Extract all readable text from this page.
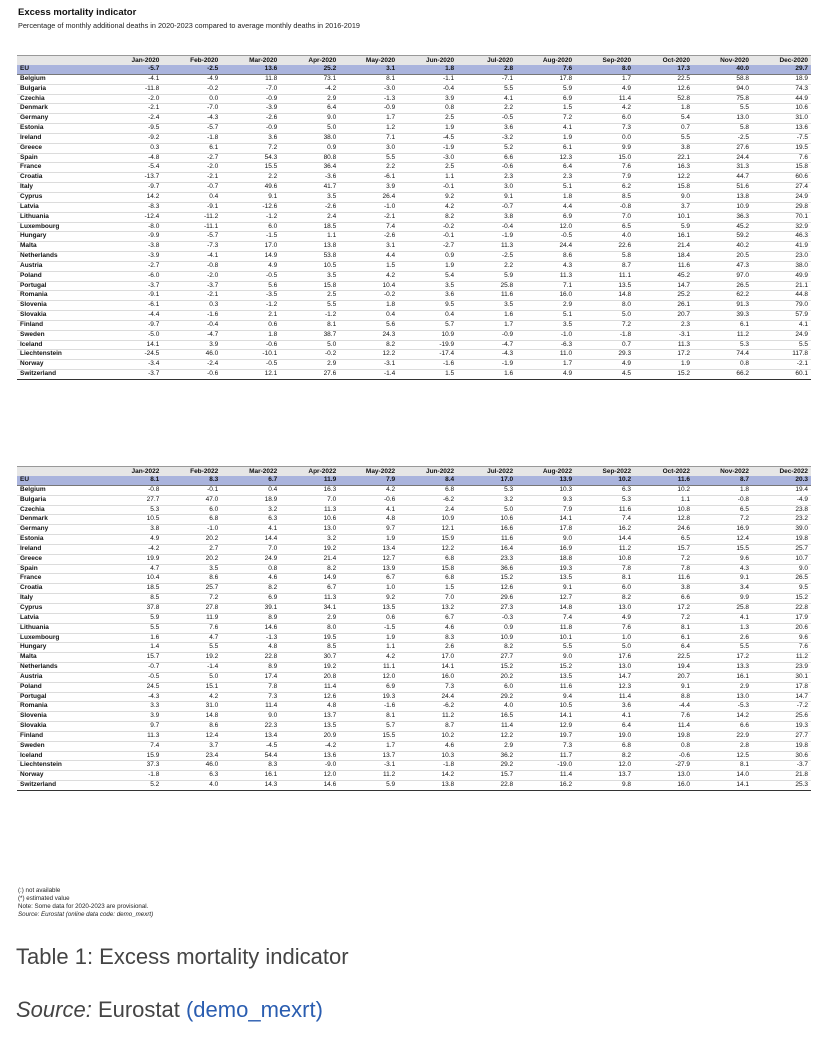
Excess mortality indicator
Percentage of monthly additional deaths in 2020-2023 compared to average monthly deaths in 2016-2019
	Jan-2020	Feb-2020	Mar-2020	Apr-2020	May-2020	Jun-2020	Jul-2020	Aug-2020	Sep-2020	Oct-2020	Nov-2020	Dec-2020
EU	-5.7	-2.5	13.6	25.2	3.1	1.8	2.8	7.6	8.0	17.3	40.0	29.7
Belgium	-4.1	-4.9	11.8	73.1	8.1	-1.1	-7.1	17.8	1.7	22.5	58.8	18.9
Bulgaria	-11.8	-0.2	-7.0	-4.2	-3.0	-0.4	5.5	5.9	4.9	12.6	94.0	74.3
Czechia	-2.0	0.0	-0.9	2.9	-1.3	3.9	4.1	6.9	11.4	52.8	75.8	44.9
Denmark	-2.1	-7.0	-3.9	6.4	-0.9	0.8	2.2	1.5	4.2	1.8	5.5	10.6
Germany	-2.4	-4.3	-2.6	9.0	1.7	2.5	-0.5	7.2	6.0	5.4	13.0	31.0
Estonia	-9.5	-5.7	-0.9	5.0	1.2	1.9	3.6	4.1	7.3	0.7	5.8	13.6
Ireland	-9.2	-1.8	3.6	38.0	7.1	-4.5	-3.2	1.9	0.0	5.5	-2.5	-7.5
Greece	0.3	6.1	7.2	0.9	3.0	-1.9	5.2	6.1	9.9	3.8	27.6	19.5
Spain	-4.8	-2.7	54.3	80.8	5.5	-3.0	6.6	12.3	15.0	22.1	24.4	7.6
France	-5.4	-2.0	15.5	36.4	2.2	2.5	-0.6	6.4	7.6	16.3	31.3	15.8
Croatia	-13.7	-2.1	2.2	-3.6	-6.1	1.1	2.3	2.3	7.9	12.2	44.7	60.6
Italy	-9.7	-0.7	49.6	41.7	3.9	-0.1	3.0	5.1	6.2	15.8	51.6	27.4
Cyprus	14.2	0.4	9.1	3.5	26.4	9.2	9.1	1.8	8.5	9.0	13.8	24.9
Latvia	-8.3	-9.1	-12.6	-2.6	-1.0	4.2	-0.7	4.4	-0.8	3.7	10.9	29.8
Lithuania	-12.4	-11.2	-1.2	2.4	-2.1	8.2	3.8	6.9	7.0	10.1	36.3	70.1
Luxembourg	-8.0	-11.1	6.0	18.5	7.4	-0.2	-0.4	12.0	6.5	5.9	45.2	32.9
Hungary	-9.9	-5.7	-1.5	1.1	-2.6	-0.1	-1.9	-0.5	4.0	16.1	59.2	46.3
Malta	-3.8	-7.3	17.0	13.8	3.1	-2.7	11.3	24.4	22.6	21.4	40.2	41.9
Netherlands	-3.9	-4.1	14.9	53.8	4.4	0.9	-2.5	8.6	5.8	18.4	20.5	23.0
Austria	-2.7	-0.8	4.9	10.5	1.5	1.9	2.2	4.3	8.7	11.6	47.3	38.0
Poland	-6.0	-2.0	-0.5	3.5	4.2	5.4	5.9	11.3	11.1	45.2	97.0	49.9
Portugal	-3.7	-3.7	5.6	15.8	10.4	3.5	25.8	7.1	13.5	14.7	26.5	21.1
Romania	-9.1	-2.1	-3.5	2.5	-0.2	3.6	11.6	16.0	14.8	25.2	62.2	44.8
Slovenia	-6.1	0.3	-1.2	5.5	1.8	9.5	3.5	2.9	8.0	26.1	91.3	79.0
Slovakia	-4.4	-1.6	2.1	-1.2	0.4	0.4	1.6	5.1	5.0	20.7	39.3	57.9
Finland	-9.7	-0.4	0.6	8.1	5.6	5.7	1.7	3.5	7.2	2.3	6.1	4.1
Sweden	-5.0	-4.7	1.8	38.7	24.3	10.9	-0.9	-1.0	-1.8	-3.1	11.2	24.9
Iceland	14.1	3.9	-0.6	5.0	8.2	-19.9	-4.7	-6.3	0.7	11.3	5.3	5.5
Liechtenstein	-24.5	46.0	-10.1	-0.2	12.2	-17.4	-4.3	11.0	29.3	17.2	74.4	117.8
Norway	-3.4	-2.4	-0.5	2.9	-3.1	-1.6	-1.9	1.7	4.9	1.9	0.8	-2.1
Switzerland	-3.7	-0.6	12.1	27.6	-1.4	1.5	1.6	4.9	4.5	15.2	66.2	60.1
	Jan-2022	Feb-2022	Mar-2022	Apr-2022	May-2022	Jun-2022	Jul-2022	Aug-2022	Sep-2022	Oct-2022	Nov-2022	Dec-2022
EU	8.1	8.3	6.7	11.9	7.9	8.4	17.0	13.9	10.2	11.6	8.7	20.3
Belgium	-0.8	-0.1	0.4	16.3	4.2	6.8	5.3	10.3	6.3	10.2	1.8	19.4
Bulgaria	27.7	47.0	18.9	7.0	-0.6	-6.2	3.2	9.3	5.3	1.1	-0.8	-4.9
Czechia	5.3	6.0	3.2	11.3	4.1	2.4	5.0	7.9	11.6	10.8	6.5	23.8
Denmark	10.5	6.8	6.3	10.6	4.8	10.9	10.6	14.1	7.4	12.8	7.2	23.2
Germany	3.8	-1.0	4.1	13.0	9.7	12.1	16.6	17.8	16.2	24.6	16.9	39.0
Estonia	4.9	20.2	14.4	3.2	1.9	15.9	11.6	9.0	14.4	6.5	12.4	19.8
Ireland	-4.2	2.7	7.0	19.2	13.4	12.2	16.4	16.9	11.2	15.7	15.5	25.7
Greece	19.9	20.2	24.9	21.4	12.7	6.8	23.3	18.8	10.8	7.2	9.6	10.7
Spain	4.7	3.5	0.8	8.2	13.9	15.8	36.6	19.3	7.8	7.8	4.3	9.0
France	10.4	8.6	4.6	14.9	6.7	6.8	15.2	13.5	8.1	11.6	9.1	26.5
Croatia	18.5	25.7	8.2	6.7	1.0	1.5	12.6	9.1	6.0	3.8	3.4	9.5
Italy	8.5	7.2	6.9	11.3	9.2	7.0	29.6	12.7	8.2	6.6	9.9	15.2
Cyprus	37.8	27.8	39.1	34.1	13.5	13.2	27.3	14.8	13.0	17.2	25.8	22.8
Latvia	5.9	11.9	8.9	2.9	0.6	6.7	-0.3	7.4	4.9	7.2	4.1	17.9
Lithuania	5.5	7.6	14.6	8.0	-1.5	4.6	0.9	11.8	7.6	8.1	1.3	20.6
Luxembourg	1.6	4.7	-1.3	19.5	1.9	8.3	10.9	10.1	1.0	6.1	2.6	9.6
Hungary	1.4	5.5	4.8	8.5	1.1	2.6	8.2	5.5	5.0	6.4	5.5	7.6
Malta	15.7	19.2	22.8	30.7	4.2	17.0	27.7	9.0	17.6	22.5	17.2	11.2
Netherlands	-0.7	-1.4	8.9	19.2	11.1	14.1	15.2	15.2	13.0	19.4	13.3	23.9
Austria	-0.5	5.0	17.4	20.8	12.0	16.0	20.2	13.5	14.7	20.7	16.1	30.1
Poland	24.5	15.1	7.8	11.4	6.9	7.3	6.0	11.6	12.3	9.1	2.9	17.8
Portugal	-4.3	4.2	7.3	12.6	19.3	24.4	29.2	9.4	11.4	8.8	13.0	14.7
Romania	3.3	31.0	11.4	4.8	-1.6	-6.2	4.0	10.5	3.6	-4.4	-5.3	-7.2
Slovenia	3.9	14.8	9.0	13.7	8.1	11.2	16.5	14.1	4.1	7.6	14.2	25.6
Slovakia	9.7	8.6	22.3	13.5	5.7	8.7	11.4	12.9	6.4	11.4	6.6	19.3
Finland	11.3	12.4	13.4	20.9	15.5	10.2	12.2	19.7	19.0	19.8	22.9	27.7
Sweden	7.4	3.7	-4.5	-4.2	1.7	4.6	2.9	7.3	6.8	0.8	2.8	19.8
Iceland	15.9	23.4	54.4	13.6	13.7	10.3	36.2	11.7	8.2	-0.6	12.5	30.6
Liechtenstein	37.3	46.0	8.3	-9.0	-3.1	-1.8	29.2	-19.0	12.0	-27.9	8.1	-3.7
Norway	-1.8	6.3	16.1	12.0	11.2	14.2	15.7	11.4	13.7	13.0	14.0	21.8
Switzerland	5.2	4.0	14.3	14.6	5.9	13.8	22.8	16.2	9.8	16.0	14.1	25.3
(:) not available
(*) estimated value
Note: Some data for 2020-2023 are provisional.
Source: Eurostat (online data code: demo_mexrt)
Table 1: Excess mortality indicator
Source: Eurostat (demo_mexrt)
